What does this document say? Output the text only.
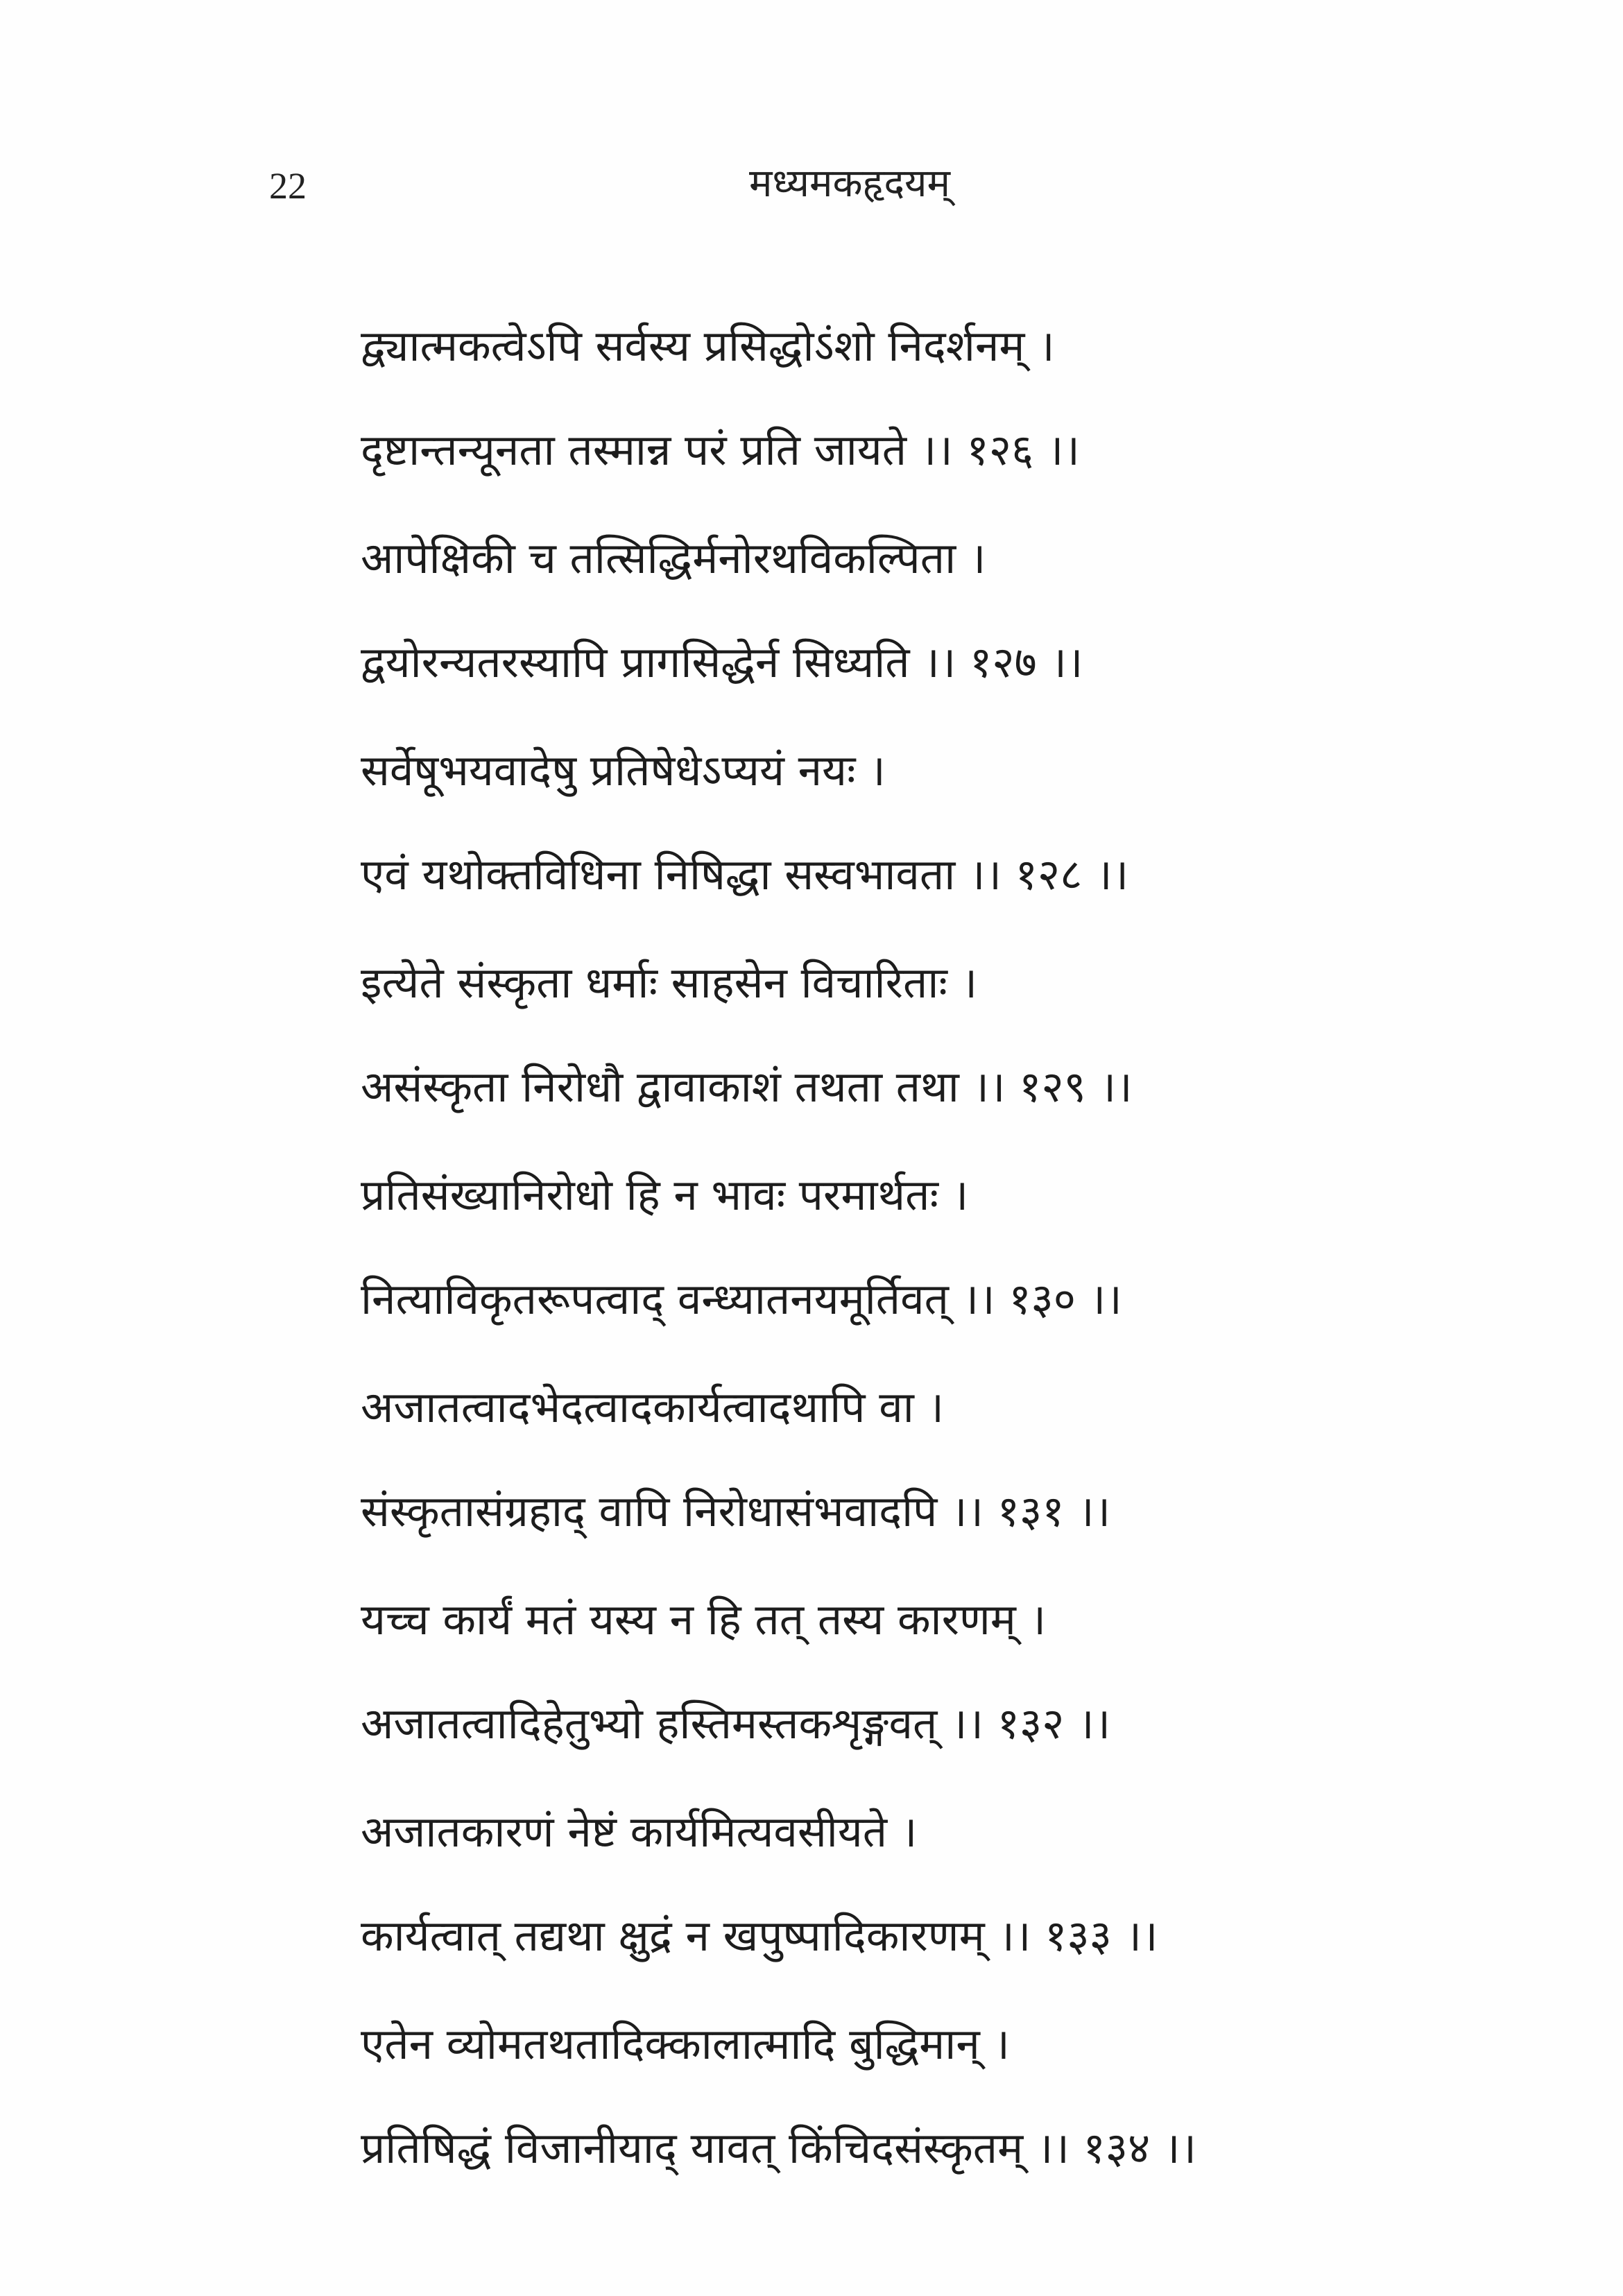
22	मध्यमकहृदयम्
द्व्यात्मकत्वेऽपि सर्वस्य प्रसिद्धोऽंशो निदर्शनम् ।
दृष्टान्तन्यूनता तस्मान्न परं प्रति जायते ।। १२६ ।।
आपेक्षिकी च तत्सिद्धिर्मनोरथविकल्पिता ।
द्वयोरन्यतरस्यापि प्रागसिद्धेर्न सिध्यति ।। १२७ ।।
सर्वेषूभयवादेषु प्रतिषेधेऽप्ययं नयः ।
एवं यथोक्तविधिना निषिद्धा सस्वभावता ।। १२८ ।।
इत्येते संस्कृता धर्माः साहसेन विचारिताः ।
असंस्कृता निरोधौ द्वावाकाशं तथता तथा ।। १२९ ।।
प्रतिसंख्यानिरोधो हि न भावः परमार्थतः ।
नित्याविकृतरूपत्वाद् वन्ध्यातनयमूर्तिवत् ।। १३० ।।
अजातत्वादभेदत्वादकार्यत्वादथापि वा ।
संस्कृतासंग्रहाद् वापि निरोधासंभवादपि ।। १३१ ।।
यच्च कार्यं मतं यस्य न हि तत् तस्य कारणम् ।
अजातत्वादिहेतुभ्यो हस्तिमस्तकशृङ्गवत् ।। १३२ ।।
अजातकारणं नेष्टं कार्यमित्यवसीयते ।
कार्यत्वात् तद्यथा क्षुद्रं न खपुष्पादिकारणम् ।। १३३ ।।
एतेन व्योमतथतादिक्कालात्मादि बुद्धिमान् ।
प्रतिषिद्धं विजानीयाद् यावत् किंचिदसंस्कृतम् ।। १३४ ।।
